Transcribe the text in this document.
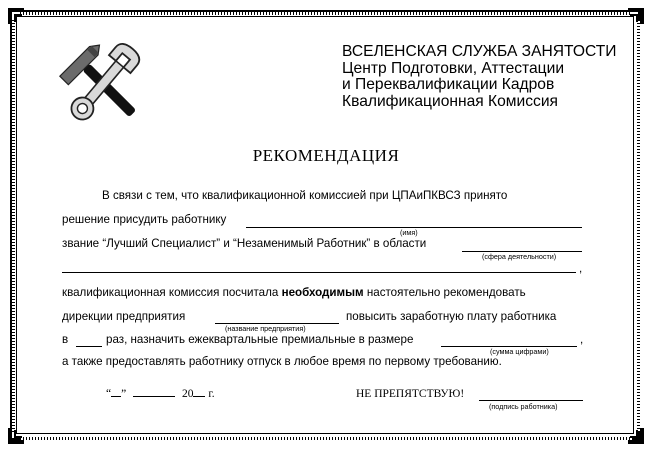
ВСЕЛЕНСКАЯ СЛУЖБА ЗАНЯТОСТИ
Центр Подготовки, Аттестации
и Переквалификации Кадров
Квалификационная Комиссия
РЕКОМЕНДАЦИЯ
В связи с тем, что квалификационной комиссией при ЦПАиПКВСЗ принято
решение присудить работнику
(имя)
звание “Лучший Специалист” и “Незаменимый Работник” в области
(сфера деятельности)
,
квалификационная комиссия посчитала необходимым настоятельно рекомендовать
дирекции предприятия
(название предприятия)
повысить заработную плату работника
в	раз, назначить ежеквартальные премиальные в размере
(сумма цифрами)
,
а также предоставлять работнику отпуск в любое время по первому требованию.
“ ”	20 г.	НЕ ПРЕПЯТСТВУЮ!
(подпись работника)
